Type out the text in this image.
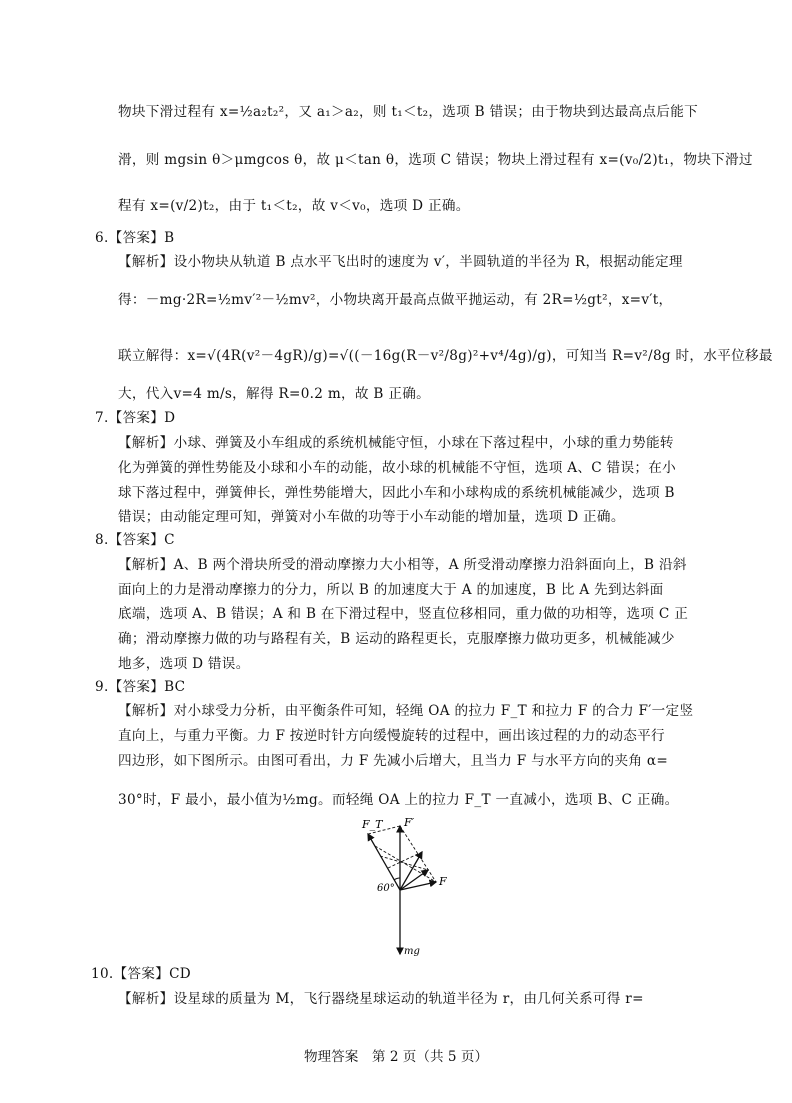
物块下滑过程有 x=½a₂t₂²，又 a₁＞a₂，则 t₁＜t₂，选项 B 错误；由于物块到达最高点后能下
滑，则 mgsin θ＞μmgcos θ，故 μ＜tan θ，选项 C 错误；物块上滑过程有 x=(v₀/2)t₁，物块下滑过
程有 x=(v/2)t₂，由于 t₁＜t₂，故 v＜v₀，选项 D 正确。
6.【答案】B
【解析】设小物块从轨道 B 点水平飞出时的速度为 v′，半圆轨道的半径为 R，根据动能定理
得：－mg·2R=½mv′²－½mv²，小物块离开最高点做平抛运动，有 2R=½gt²，x=v′t，
联立解得：x=√(4R(v²－4gR)/g)=√((－16g(R－v²/8g)²+v⁴/4g)/g)，可知当 R=v²/8g 时，水平位移最
大，代入v=4 m/s，解得 R=0.2 m，故 B 正确。
7.【答案】D
【解析】小球、弹簧及小车组成的系统机械能守恒，小球在下落过程中，小球的重力势能转
化为弹簧的弹性势能及小球和小车的动能，故小球的机械能不守恒，选项 A、C 错误；在小
球下落过程中，弹簧伸长，弹性势能增大，因此小车和小球构成的系统机械能减少，选项 B
错误；由动能定理可知，弹簧对小车做的功等于小车动能的增加量，选项 D 正确。
8.【答案】C
【解析】A、B 两个滑块所受的滑动摩擦力大小相等，A 所受滑动摩擦力沿斜面向上，B 沿斜
面向上的力是滑动摩擦力的分力，所以 B 的加速度大于 A 的加速度，B 比 A 先到达斜面
底端，选项 A、B 错误；A 和 B 在下滑过程中，竖直位移相同，重力做的功相等，选项 C 正
确；滑动摩擦力做的功与路程有关，B 运动的路程更长，克服摩擦力做功更多，机械能减少
地多，选项 D 错误。
9.【答案】BC
【解析】对小球受力分析，由平衡条件可知，轻绳 OA 的拉力 F_T 和拉力 F 的合力 F′一定竖
直向上，与重力平衡。力 F 按逆时针方向缓慢旋转的过程中，画出该过程的力的动态平行
四边形，如下图所示。由图可看出，力 F 先减小后增大，且当力 F 与水平方向的夹角 α=
30°时，F 最小，最小值为½mg。而轻绳 OA 上的拉力 F_T 一直减小，选项 B、C 正确。
F_T F′
F
60°
mg
10.【答案】CD
【解析】设星球的质量为 M，飞行器绕星球运动的轨道半径为 r，由几何关系可得 r=
物理答案　第 2 页（共 5 页）
